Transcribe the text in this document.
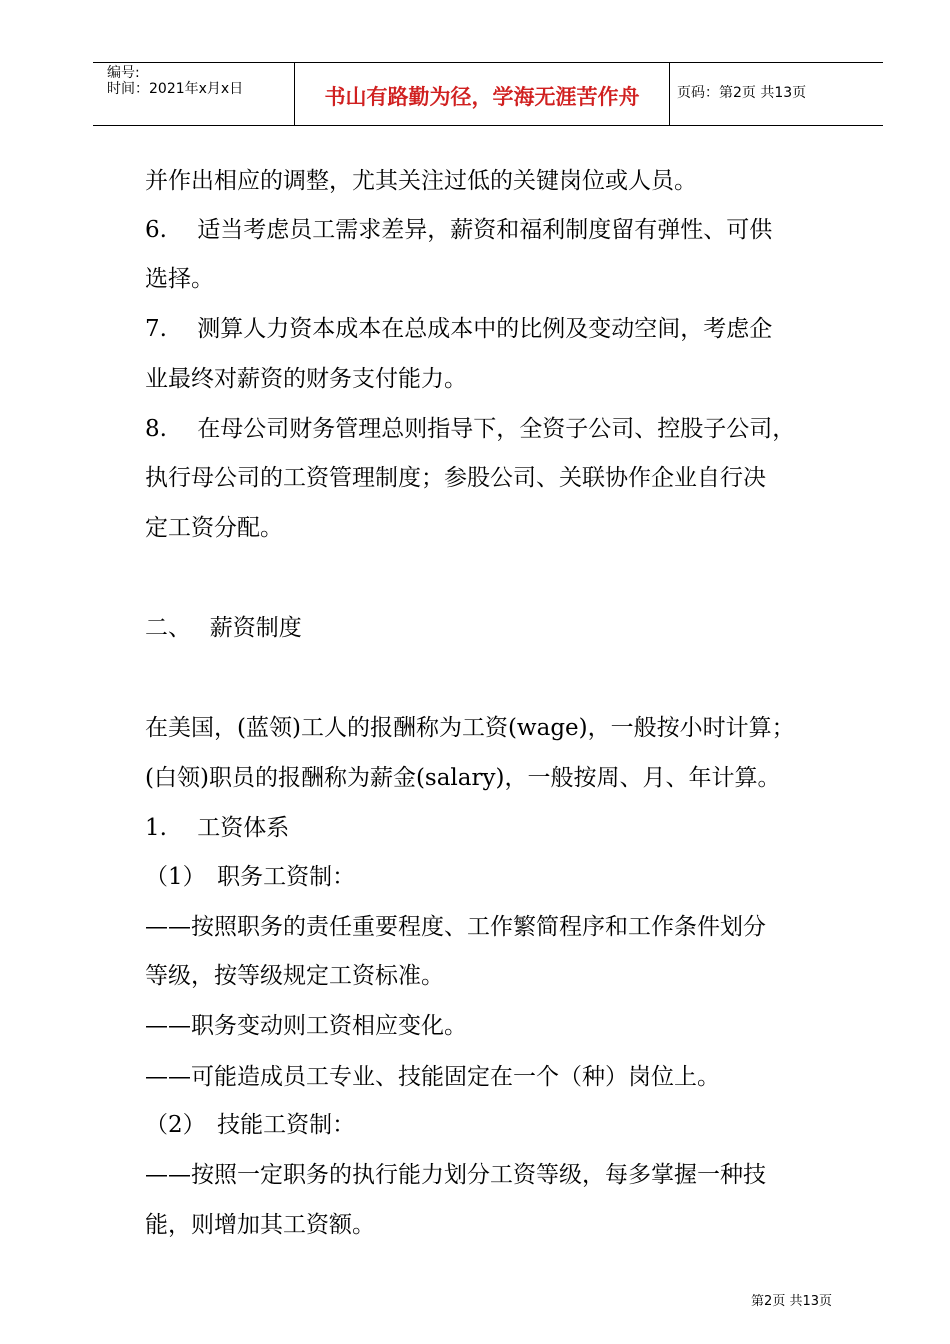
编号:
时间：2021年x月x日	书山有路勤为径，学海无涯苦作舟	页码：第2页 共13页
并作出相应的调整，尤其关注过低的关键岗位或人员。
6.　 适当考虑员工需求差异，薪资和福利制度留有弹性、可供
选择。
7.　 测算人力资本成本在总成本中的比例及变动空间，考虑企
业最终对薪资的财务支付能力。
8.　 在母公司财务管理总则指导下，全资子公司、控股子公司，
执行母公司的工资管理制度；参股公司、关联协作企业自行决
定工资分配。
二、　 薪资制度
在美国，(蓝领)工人的报酬称为工资(wage)，一般按小时计算；
(白领)职员的报酬称为薪金(salary)，一般按周、月、年计算。
1.　 工资体系
（1）　职务工资制：
——按照职务的责任重要程度、工作繁简程序和工作条件划分
等级，按等级规定工资标准。
——职务变动则工资相应变化。
——可能造成员工专业、技能固定在一个（种）岗位上。
（2）　技能工资制：
——按照一定职务的执行能力划分工资等级，每多掌握一种技
能，则增加其工资额。
第2页 共13页
